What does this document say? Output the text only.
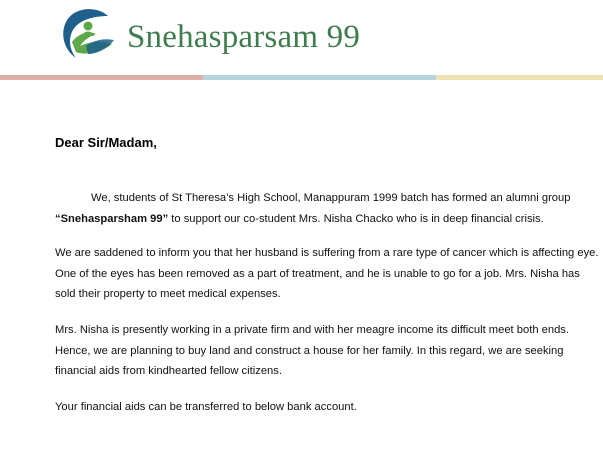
Snehasparsam 99
Dear Sir/Madam,
We, students of St Theresa’s High School, Manappuram 1999 batch has formed an alumni group
“Snehasparsham 99” to support our co-student Mrs. Nisha Chacko who is in deep financial crisis.
We are saddened to inform you that her husband is suffering from a rare type of cancer which is affecting eye. One of the eyes has been removed as a part of treatment, and he is unable to go for a job. Mrs. Nisha has sold their property to meet medical expenses.
Mrs. Nisha is presently working in a private firm and with her meagre income its difficult meet both ends. Hence, we are planning to buy land and construct a house for her family. In this regard, we are seeking financial aids from kindhearted fellow citizens.
Your financial aids can be transferred to below bank account.
